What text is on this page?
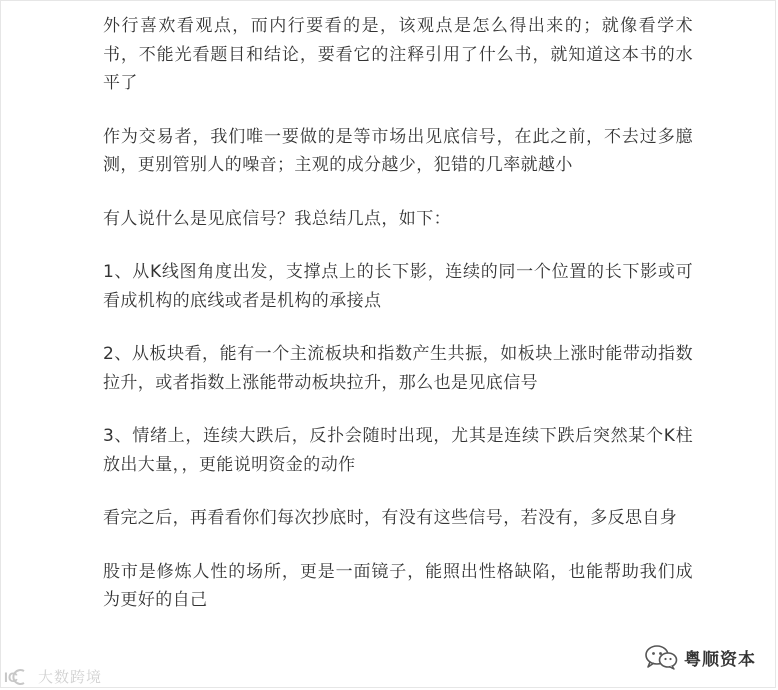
外行喜欢看观点，而内行要看的是，该观点是怎么得出来的；就像看学术书，不能光看题目和结论，要看它的注释引用了什么书，就知道这本书的水平了

作为交易者，我们唯一要做的是等市场出见底信号，在此之前，不去过多臆测，更别管别人的噪音；主观的成分越少，犯错的几率就越小

有人说什么是见底信号？我总结几点，如下：

1、从K线图角度出发，支撑点上的长下影，连续的同一个位置的长下影或可看成机构的底线或者是机构的承接点

2、从板块看，能有一个主流板块和指数产生共振，如板块上涨时能带动指数拉升，或者指数上涨能带动板块拉升，那么也是见底信号

3、情绪上，连续大跌后，反扑会随时出现，尤其是连续下跌后突然某个K柱放出大量，，更能说明资金的动作

看完之后，再看看你们每次抄底时，有没有这些信号，若没有，多反思自身

股市是修炼人性的场所，更是一面镜子，能照出性格缺陷，也能帮助我们成为更好的自己

粤顺资本
IC 大数跨境
